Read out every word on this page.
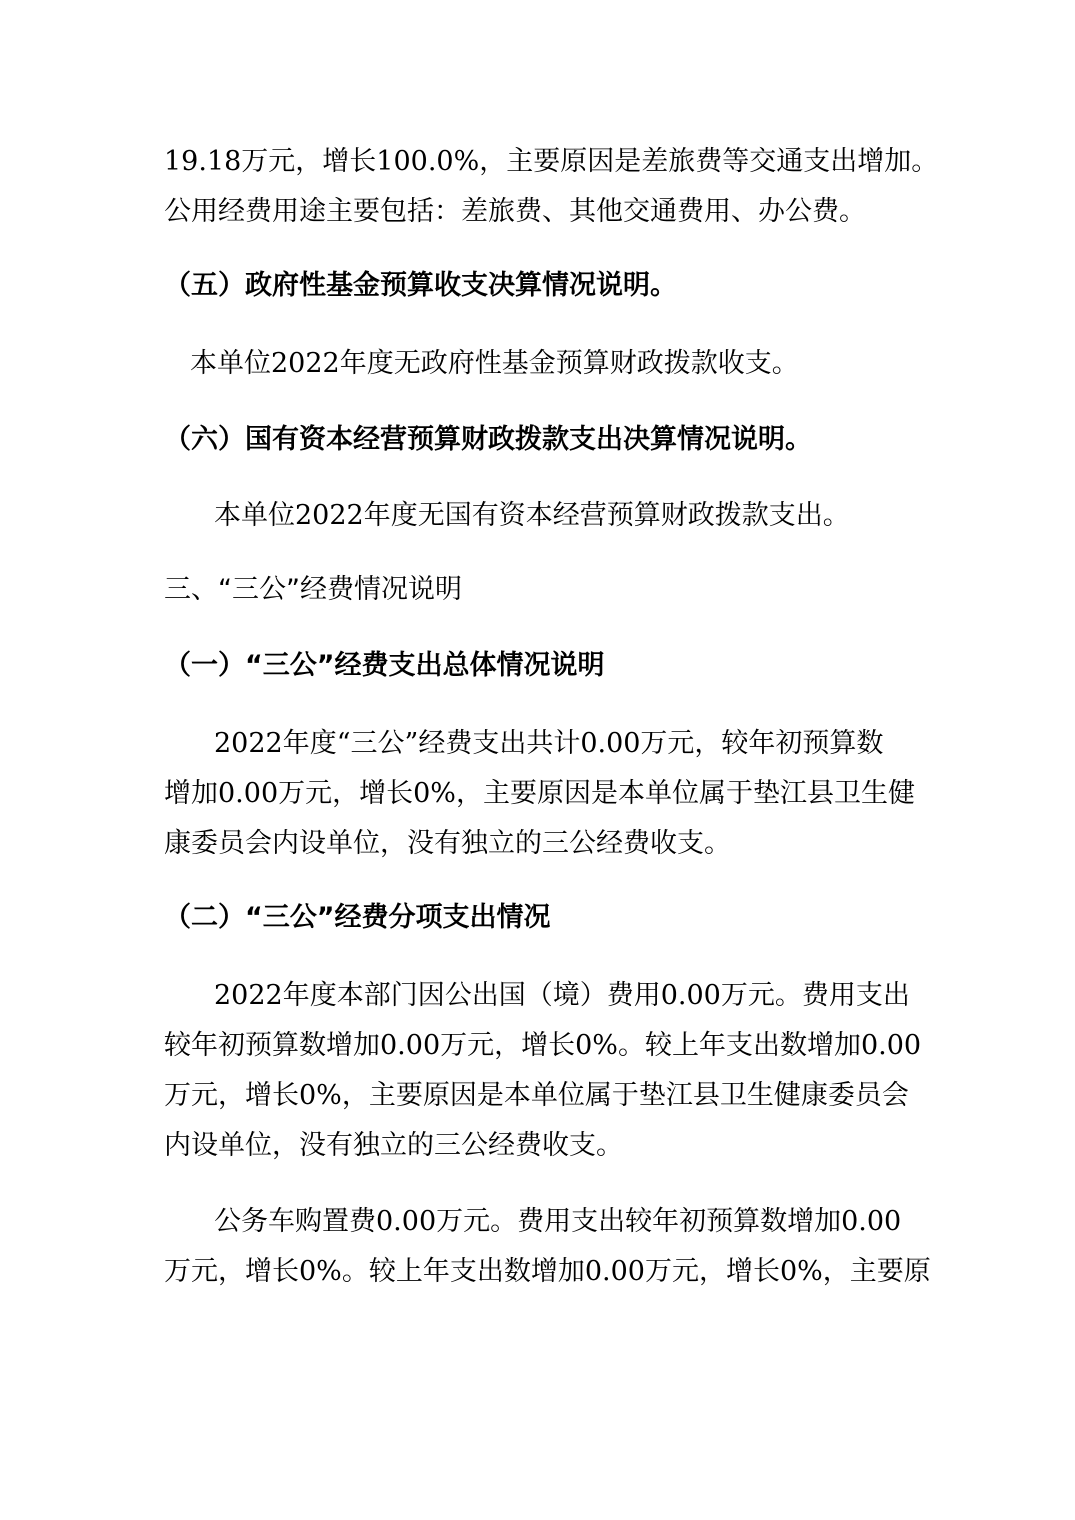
19.18万元，增长100.0%，主要原因是差旅费等交通支出增加。

公用经费用途主要包括：差旅费、其他交通费用、办公费。

（五）政府性基金预算收支决算情况说明。

本单位2022年度无政府性基金预算财政拨款收支。

（六）国有资本经营预算财政拨款支出决算情况说明。

本单位2022年度无国有资本经营预算财政拨款支出。

三、“三公”经费情况说明

（一）“三公”经费支出总体情况说明

2022年度“三公”经费支出共计0.00万元，较年初预算数

增加0.00万元，增长0%，主要原因是本单位属于垫江县卫生健

康委员会内设单位，没有独立的三公经费收支。

（二）“三公”经费分项支出情况

2022年度本部门因公出国（境）费用0.00万元。费用支出

较年初预算数增加0.00万元，增长0%。较上年支出数增加0.00

万元，增长0%，主要原因是本单位属于垫江县卫生健康委员会

内设单位，没有独立的三公经费收支。

公务车购置费0.00万元。费用支出较年初预算数增加0.00

万元，增长0%。较上年支出数增加0.00万元，增长0%，主要原
